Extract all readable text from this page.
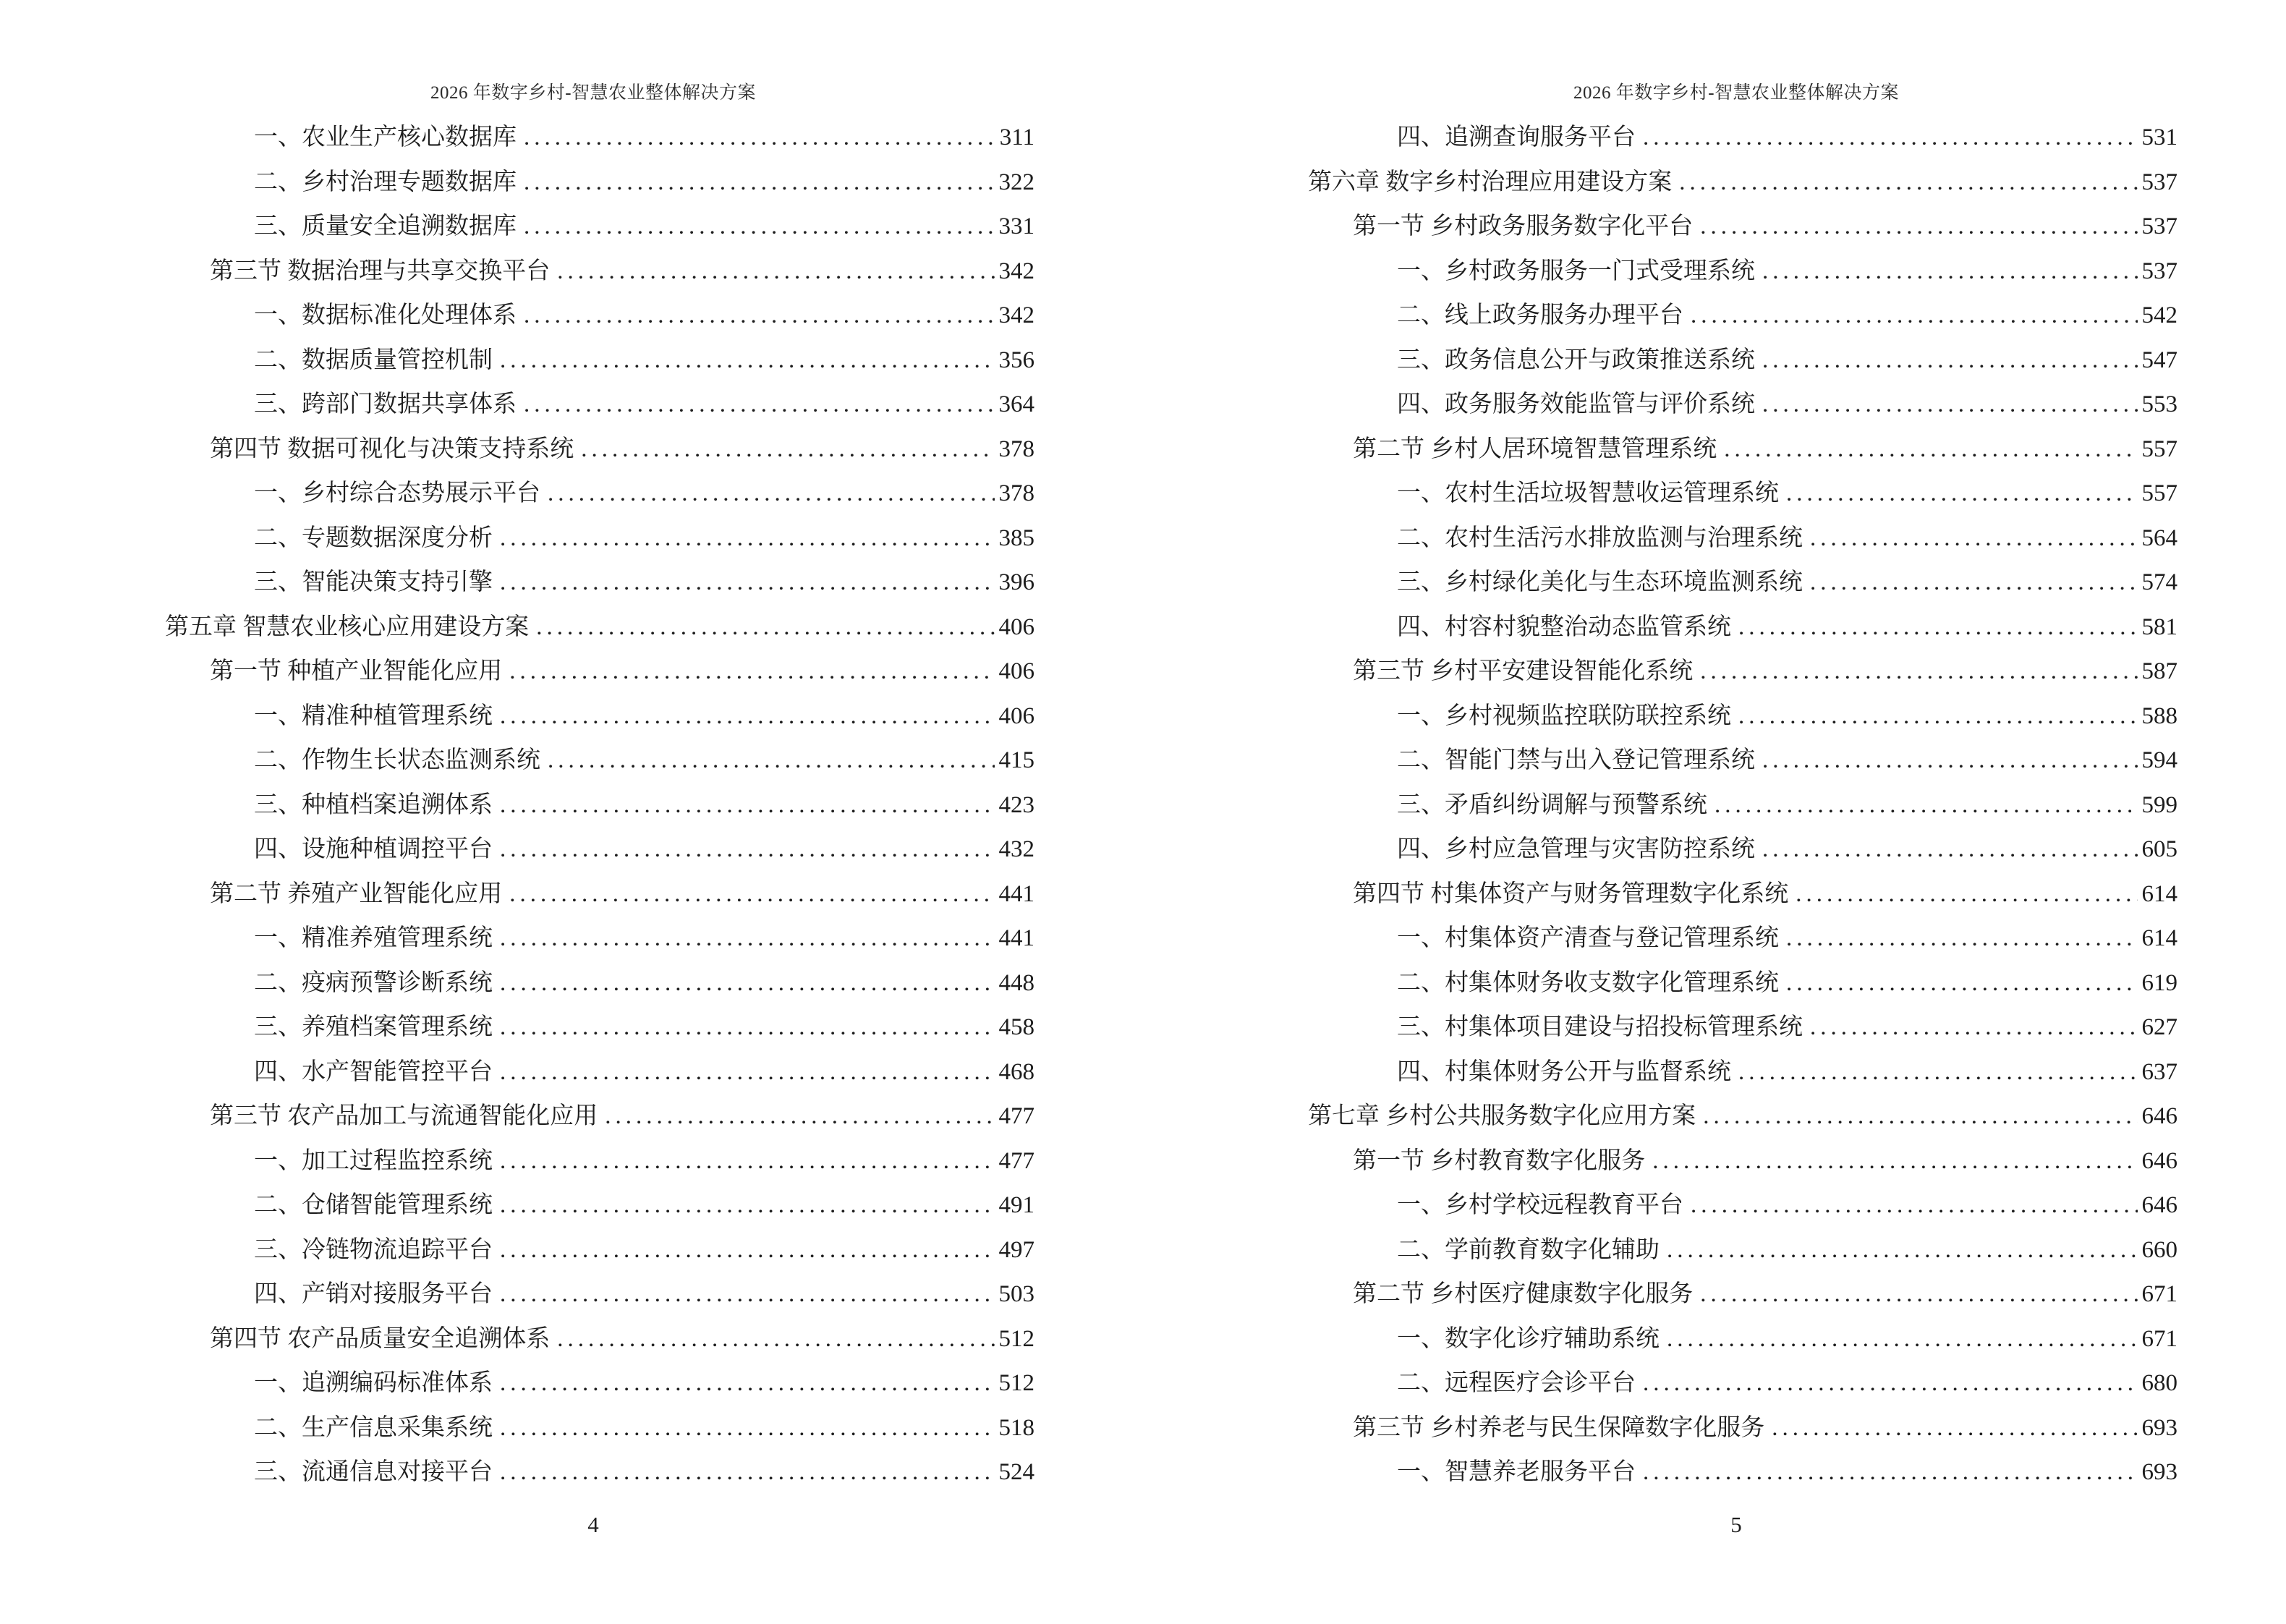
2026 年数字乡村-智慧农业整体解决方案
一、农业生产核心数据库 .....	311
二、乡村治理专题数据库 .....	322
三、质量安全追溯数据库 .....	331
第三节 数据治理与共享交换平台 .....	342
一、数据标准化处理体系 .....	342
二、数据质量管控机制 .....	356
三、跨部门数据共享体系 .....	364
第四节 数据可视化与决策支持系统 .....	378
一、乡村综合态势展示平台 .....	378
二、专题数据深度分析 .....	385
三、智能决策支持引擎 .....	396
第五章 智慧农业核心应用建设方案 .....	406
第一节 种植产业智能化应用 .....	406
一、精准种植管理系统 .....	406
二、作物生长状态监测系统 .....	415
三、种植档案追溯体系 .....	423
四、设施种植调控平台 .....	432
第二节 养殖产业智能化应用 .....	441
一、精准养殖管理系统 .....	441
二、疫病预警诊断系统 .....	448
三、养殖档案管理系统 .....	458
四、水产智能管控平台 .....	468
第三节 农产品加工与流通智能化应用 .....	477
一、加工过程监控系统 .....	477
二、仓储智能管理系统 .....	491
三、冷链物流追踪平台 .....	497
四、产销对接服务平台 .....	503
第四节 农产品质量安全追溯体系 .....	512
一、追溯编码标准体系 .....	512
二、生产信息采集系统 .....	518
三、流通信息对接平台 .....	524
4
2026 年数字乡村-智慧农业整体解决方案
四、追溯查询服务平台 .....	531
第六章 数字乡村治理应用建设方案 .....	537
第一节 乡村政务服务数字化平台 .....	537
一、乡村政务服务一门式受理系统 .....	537
二、线上政务服务办理平台 .....	542
三、政务信息公开与政策推送系统 .....	547
四、政务服务效能监管与评价系统 .....	553
第二节 乡村人居环境智慧管理系统 .....	557
一、农村生活垃圾智慧收运管理系统 .....	557
二、农村生活污水排放监测与治理系统 .....	564
三、乡村绿化美化与生态环境监测系统 .....	574
四、村容村貌整治动态监管系统 .....	581
第三节 乡村平安建设智能化系统 .....	587
一、乡村视频监控联防联控系统 .....	588
二、智能门禁与出入登记管理系统 .....	594
三、矛盾纠纷调解与预警系统 .....	599
四、乡村应急管理与灾害防控系统 .....	605
第四节 村集体资产与财务管理数字化系统 .....	614
一、村集体资产清查与登记管理系统 .....	614
二、村集体财务收支数字化管理系统 .....	619
三、村集体项目建设与招投标管理系统 .....	627
四、村集体财务公开与监督系统 .....	637
第七章 乡村公共服务数字化应用方案 .....	646
第一节 乡村教育数字化服务 .....	646
一、乡村学校远程教育平台 .....	646
二、学前教育数字化辅助 .....	660
第二节 乡村医疗健康数字化服务 .....	671
一、数字化诊疗辅助系统 .....	671
二、远程医疗会诊平台 .....	680
第三节 乡村养老与民生保障数字化服务 .....	693
一、智慧养老服务平台 .....	693
5
